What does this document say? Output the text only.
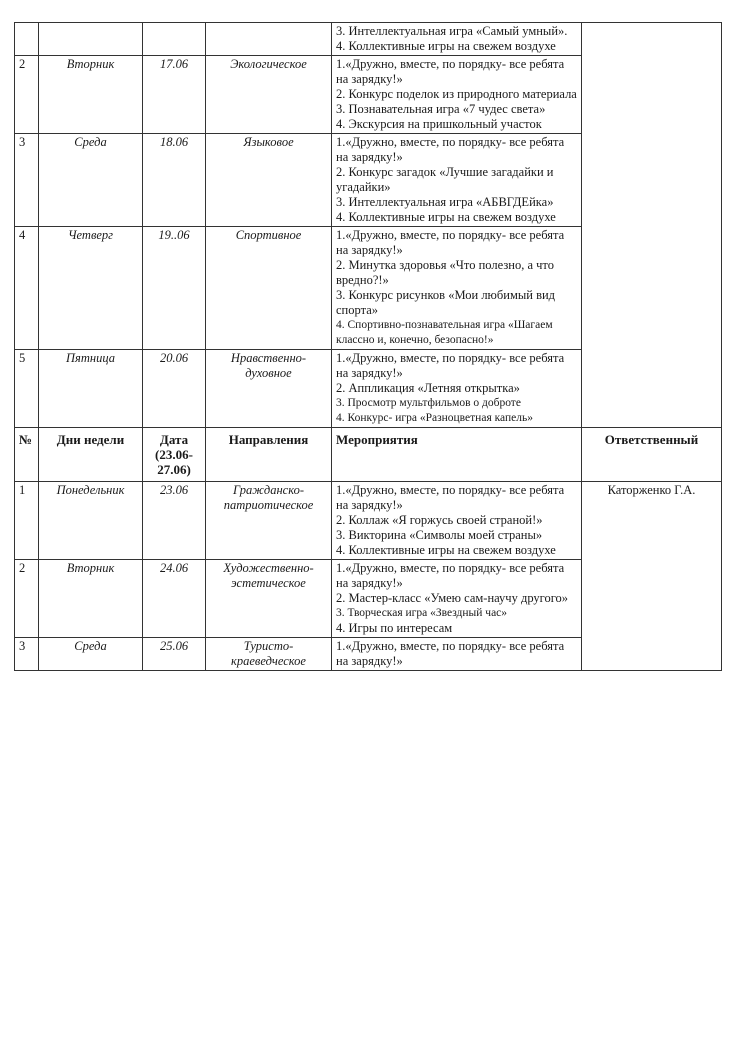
				3. Интеллектуальная игра «Самый умный».
4. Коллективные игры на свежем воздухе	

2	Вторник	17.06	Экологическое	1.«Дружно, вместе, по порядку- все ребята на зарядку!»
2. Конкурс поделок из природного материала
3. Познавательная игра «7 чудес света»
4. Экскурсия на пришкольный участок	

3	Среда	18.06	Языковое	1.«Дружно, вместе, по порядку- все ребята на зарядку!»
2. Конкурс загадок «Лучшие загадайки и угадайки»
3. Интеллектуальная игра «АБВГДЕйка»
4. Коллективные игры на свежем воздухе	

4	Четверг	19..06	Спортивное	1.«Дружно, вместе, по порядку- все ребята на зарядку!»
2. Минутка здоровья «Что полезно, а что вредно?!»
3. Конкурс рисунков «Мои любимый вид спорта»
4. Спортивно-познавательная игра «Шагаем классно и, конечно, безопасно!»	

5	Пятница	20.06	Нравственно-духовное	1.«Дружно, вместе, по порядку- все ребята на зарядку!»
2. Аппликация «Летняя открытка»
3. Просмотр мультфильмов о доброте
4. Конкурс- игра «Разноцветная капель»	

№	Дни недели	Дата (23.06-27.06)	Направления	Мероприятия	Ответственный
1	Понедельник	23.06	Гражданско-патриотическое	1.«Дружно, вместе, по порядку- все ребята на зарядку!»
2. Коллаж «Я горжусь своей страной!»
3. Викторина «Символы моей страны»
4. Коллективные игры на свежем воздухе	Каторженко Г.А.
2	Вторник	24.06	Художественно-эстетическое	1.«Дружно, вместе, по порядку- все ребята на зарядку!»
2. Мастер-класс «Умею сам-научу другого»
3. Творческая игра «Звездный час»
4. Игры по интересам	

3	Среда	25.06	Туристо-краеведческое	1.«Дружно, вместе, по порядку- все ребята на зарядку!»	
